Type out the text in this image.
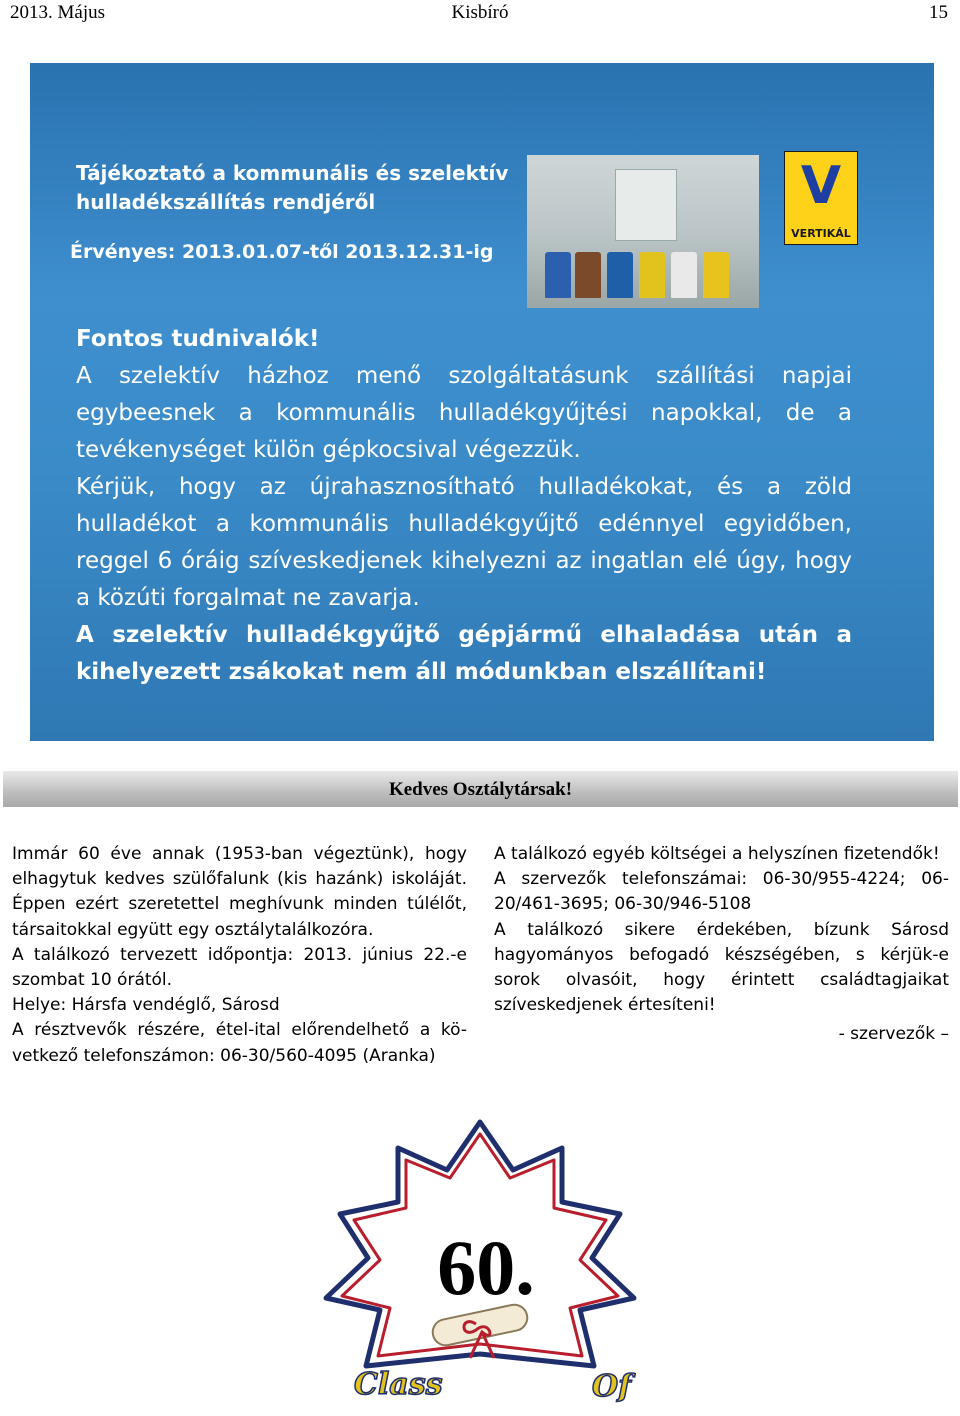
2013. Május	Kisbíró	15
Tájékoztató a kommunális és szelektív
hulladékszállítás rendjéről
Érvényes: 2013.01.07-től 2013.12.31-ig
V
VERTIKÁL

Fontos tudnivalók!

A szelektív házhoz menő szolgáltatásunk szállítási napjai egybeesnek a kommunális hulladékgyűjtési napokkal, de a tevékenységet külön gépkocsival végezzük.

Kérjük, hogy az újrahasznosítható hulladékokat, és a zöld hulladékot a kommunális hulladékgyűjtő edénnyel egyidőben, reggel 6 óráig szíveskedjenek kihelyezni az ingatlan elé úgy, hogy a közúti forgalmat ne zavarja.

A szelektív hulladékgyűjtő gépjármű elhaladása után a kihelyezett zsákokat nem áll módunkban elszállítani!

Kedves Osztálytársak!

Immár 60 éve annak (1953-ban végeztünk), hogy elhagytuk kedves szülőfalunk (kis hazánk) iskoláját. Éppen ezért szeretettel meghívunk minden túlélőt, társaitokkal együtt egy osztálytalálkozóra.

A találkozó tervezett időpontja: 2013. június 22.-e szombat 10 órától.

Helye: Hársfa vendéglő, Sárosd

A résztvevők részére, étel-ital előrendelhető a kö-vetkező telefonszámon: 06-30/560-4095 (Aranka)

A találkozó egyéb költségei a helyszínen fizetendők!

A szervezők telefonszámai: 06-30/955-4224; 06-20/461-3695; 06-30/946-5108

A találkozó sikere érdekében, bízunk Sárosd hagyományos befogadó készségében, s kérjük-e sorok olvasóit, hogy érintett családtagjaikat szíveskedjenek értesíteni!

- szervezők –

60.
Class	Of
